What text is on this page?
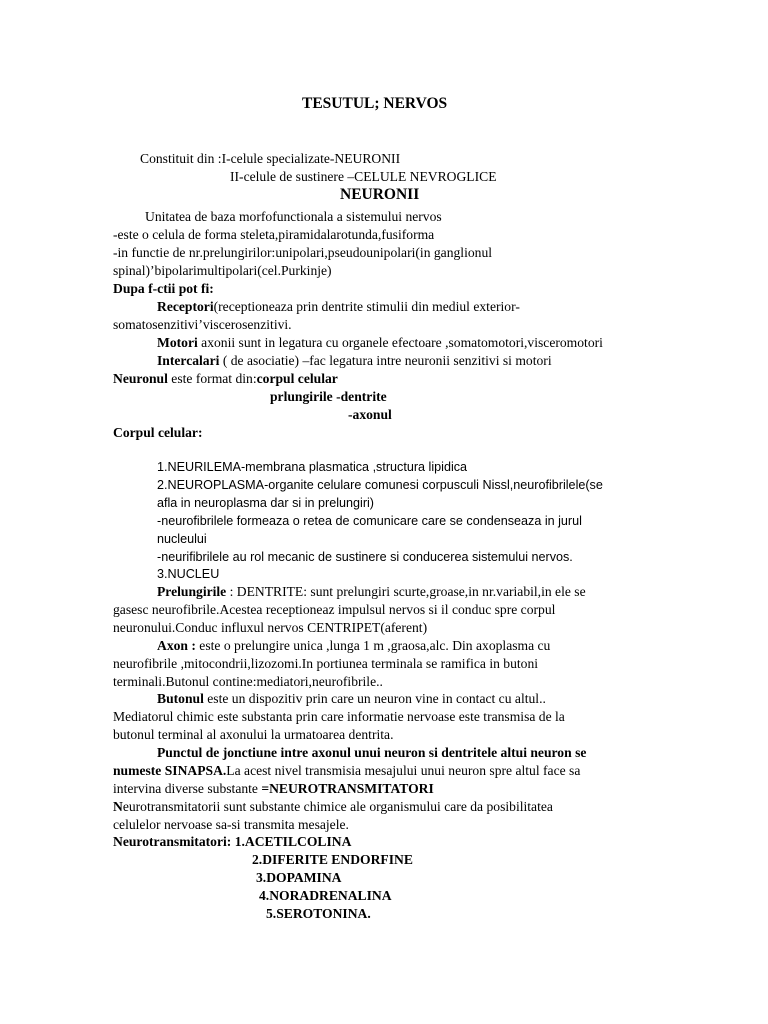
TESUTUL; NERVOS
Constituit din :I-celule specializate-NEURONII
II-celule de sustinere –CELULE NEVROGLICE
NEURONII
Unitatea de baza morfofunctionala a sistemului nervos
-este o celula de forma steleta,piramidalarotunda,fusiforma
-in functie de nr.prelungirilor:unipolari,pseudounipolari(in ganglionul
spinal)’bipolarimultipolari(cel.Purkinje)
Dupa f-ctii pot fi:
Receptori(receptioneaza prin dentrite stimulii din mediul exterior-
somatosenzitivi’viscerosenzitivi.
Motori axonii sunt in legatura cu organele efectoare ,somatomotori,visceromotori
Intercalari ( de asociatie) –fac legatura intre neuronii senzitivi si motori
Neuronul este format din:corpul celular
prlungirile -dentrite
-axonul
Corpul celular:
1.NEURILEMA-membrana plasmatica ,structura lipidica
2.NEUROPLASMA-organite celulare comunesi corpusculi Nissl,neurofibrilele(se
afla in neuroplasma dar si in prelungiri)
-neurofibrilele formeaza o retea de comunicare care se condenseaza in jurul
nucleului
-neurifibrilele au rol mecanic de sustinere si conducerea sistemului nervos.
3.NUCLEU
Prelungirile : DENTRITE: sunt prelungiri scurte,groase,in nr.variabil,in ele se
gasesc neurofibrile.Acestea receptioneaz impulsul nervos si il conduc spre corpul
neuronului.Conduc influxul nervos CENTRIPET(aferent)
Axon : este o prelungire unica ,lunga 1 m ,graosa,alc. Din axoplasma cu
neurofibrile ,mitocondrii,lizozomi.In portiunea terminala se ramifica in butoni
terminali.Butonul contine:mediatori,neurofibrile..
Butonul este un dispozitiv prin care un neuron vine in contact cu altul..
Mediatorul chimic este substanta prin care informatie nervoase este transmisa de la
butonul terminal al axonului la urmatoarea dentrita.
Punctul de jonctiune intre axonul unui neuron si dentritele altui neuron se
numeste SINAPSA.La acest nivel transmisia mesajului unui neuron spre altul face sa
intervina diverse substante =NEUROTRANSMITATORI
Neurotransmitatorii sunt substante chimice ale organismului care da posibilitatea
celulelor nervoase sa-si transmita mesajele.
Neurotransmitatori: 1.ACETILCOLINA
2.DIFERITE ENDORFINE
3.DOPAMINA
4.NORADRENALINA
5.SEROTONINA.
